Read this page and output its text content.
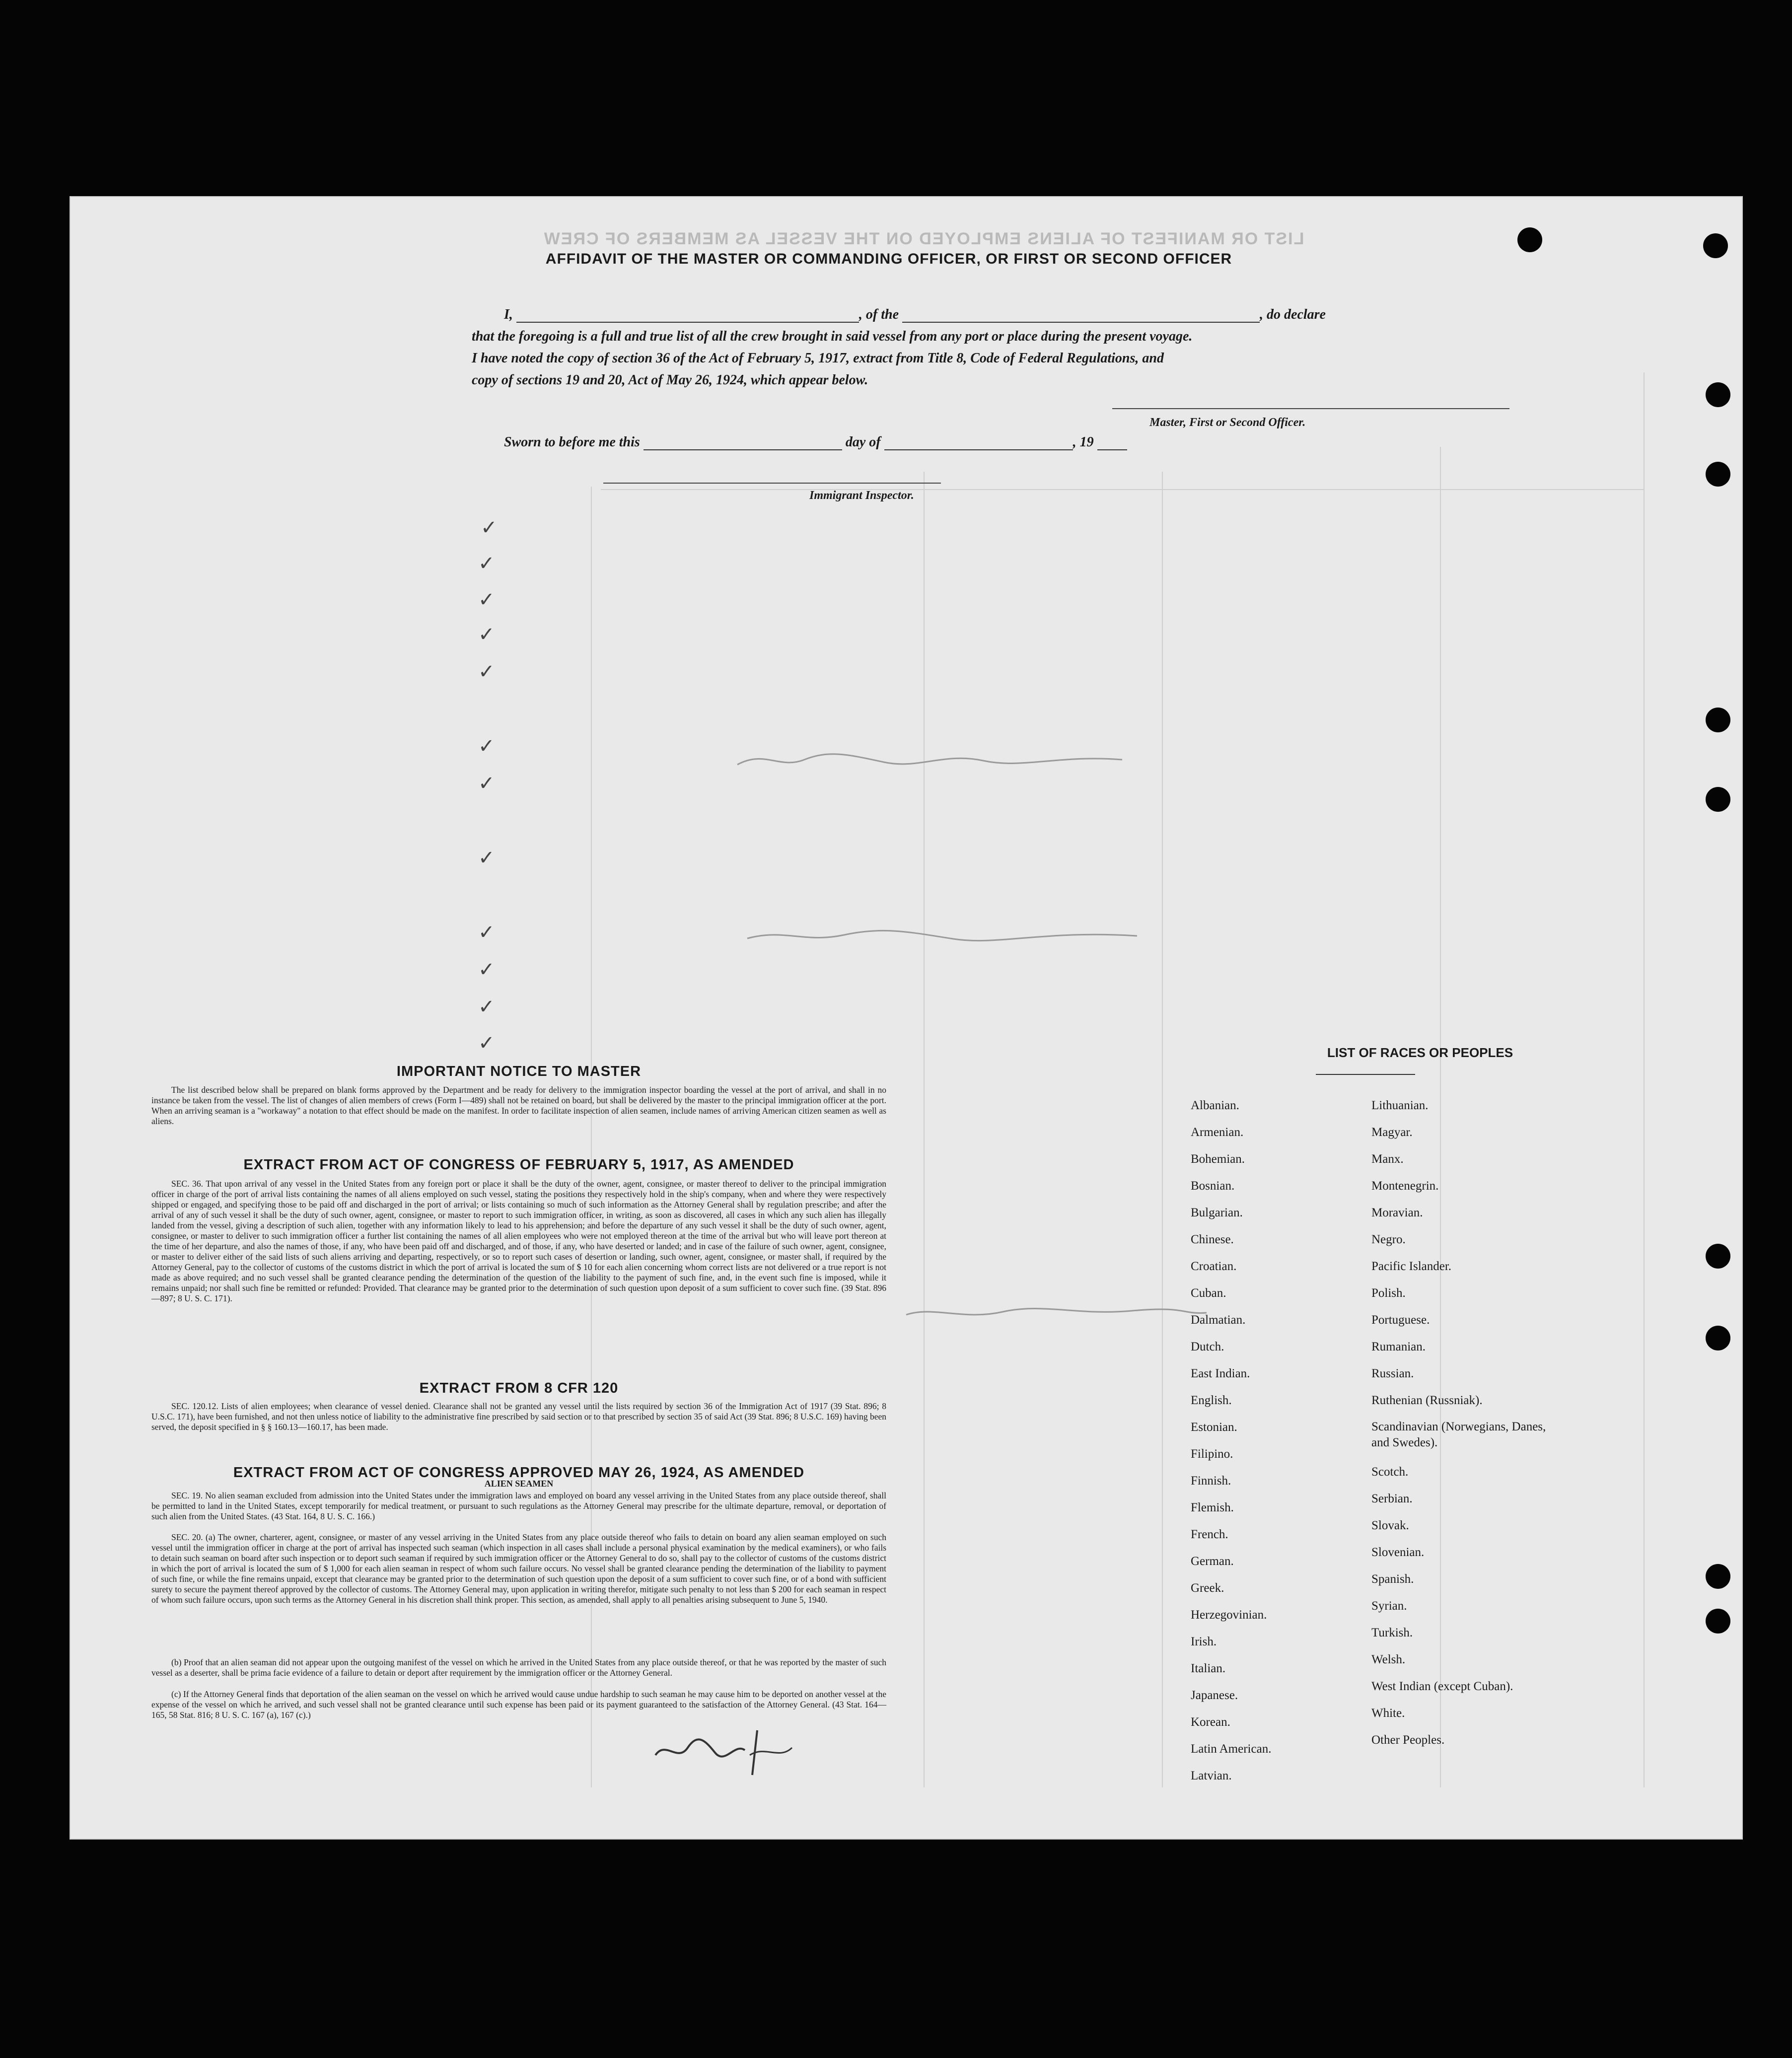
LIST OR MANIFEST OF ALIENS EMPLOYED ON THE VESSEL AS MEMBERS OF CREW
AFFIDAVIT OF THE MASTER OR COMMANDING OFFICER, OR FIRST OR SECOND OFFICER
I,	, of the	, do declare
that the foregoing is a full and true list of all the crew brought in said vessel from any port or place during the present voyage.
I have noted the copy of section 36 of the Act of February 5, 1917, extract from Title 8, Code of Federal Regulations, and
copy of sections 19 and 20, Act of May 26, 1924, which appear below.
Master, First or Second Officer.
Sworn to before me this	day of	, 19
Immigrant Inspector.
✓
✓
✓
✓
✓
✓
✓
✓
✓
✓
✓
✓
IMPORTANT NOTICE TO MASTER
The list described below shall be prepared on blank forms approved by the Department and be ready for delivery to the immigration inspector boarding the vessel at the port of arrival, and shall in no instance be taken from the vessel. The list of changes of alien members of crews (Form I—489) shall not be retained on board, but shall be delivered by the master to the principal immigration officer at the port. When an arriving seaman is a "workaway" a notation to that effect should be made on the manifest. In order to facilitate inspection of alien seamen, include names of arriving American citizen seamen as well as aliens.
EXTRACT FROM ACT OF CONGRESS OF FEBRUARY 5, 1917, AS AMENDED
SEC. 36. That upon arrival of any vessel in the United States from any foreign port or place it shall be the duty of the owner, agent, consignee, or master thereof to deliver to the principal immigration officer in charge of the port of arrival lists containing the names of all aliens employed on such vessel, stating the positions they respectively hold in the ship's company, when and where they were respectively shipped or engaged, and specifying those to be paid off and discharged in the port of arrival; or lists containing so much of such information as the Attorney General shall by regulation prescribe; and after the arrival of any of such vessel it shall be the duty of such owner, agent, consignee, or master to report to such immigration officer, in writing, as soon as discovered, all cases in which any such alien has illegally landed from the vessel, giving a description of such alien, together with any information likely to lead to his apprehension; and before the departure of any such vessel it shall be the duty of such owner, agent, consignee, or master to deliver to such immigration officer a further list containing the names of all alien employees who were not employed thereon at the time of the arrival but who will leave port thereon at the time of her departure, and also the names of those, if any, who have been paid off and discharged, and of those, if any, who have deserted or landed; and in case of the failure of such owner, agent, consignee, or master to deliver either of the said lists of such aliens arriving and departing, respectively, or so to report such cases of desertion or landing, such owner, agent, consignee, or master shall, if required by the Attorney General, pay to the collector of customs of the customs district in which the port of arrival is located the sum of $ 10 for each alien concerning whom correct lists are not delivered or a true report is not made as above required; and no such vessel shall be granted clearance pending the determination of the question of the liability to the payment of such fine, and, in the event such fine is imposed, while it remains unpaid; nor shall such fine be remitted or refunded: Provided. That clearance may be granted prior to the determination of such question upon deposit of a sum sufficient to cover such fine. (39 Stat. 896—897; 8 U. S. C. 171).
EXTRACT FROM 8 CFR 120
SEC. 120.12. Lists of alien employees; when clearance of vessel denied. Clearance shall not be granted any vessel until the lists required by section 36 of the Immigration Act of 1917 (39 Stat. 896; 8 U.S.C. 171), have been furnished, and not then unless notice of liability to the administrative fine prescribed by said section or to that prescribed by section 35 of said Act (39 Stat. 896; 8 U.S.C. 169) having been served, the deposit specified in § § 160.13—160.17, has been made.
EXTRACT FROM ACT OF CONGRESS APPROVED MAY 26, 1924, AS AMENDED
ALIEN SEAMEN
SEC. 19. No alien seaman excluded from admission into the United States under the immigration laws and employed on board any vessel arriving in the United States from any place outside thereof, shall be permitted to land in the United States, except temporarily for medical treatment, or pursuant to such regulations as the Attorney General may prescribe for the ultimate departure, removal, or deportation of such alien from the United States. (43 Stat. 164, 8 U. S. C. 166.)
SEC. 20. (a) The owner, charterer, agent, consignee, or master of any vessel arriving in the United States from any place outside thereof who fails to detain on board any alien seaman employed on such vessel until the immigration officer in charge at the port of arrival has inspected such seaman (which inspection in all cases shall include a personal physical examination by the medical examiners), or who fails to detain such seaman on board after such inspection or to deport such seaman if required by such immigration officer or the Attorney General to do so, shall pay to the collector of customs of the customs district in which the port of arrival is located the sum of $ 1,000 for each alien seaman in respect of whom such failure occurs. No vessel shall be granted clearance pending the determination of the liability to payment of such fine, or while the fine remains unpaid, except that clearance may be granted prior to the determination of such question upon the deposit of a sum sufficient to cover such fine, or of a bond with sufficient surety to secure the payment thereof approved by the collector of customs. The Attorney General may, upon application in writing therefor, mitigate such penalty to not less than $ 200 for each seaman in respect of whom such failure occurs, upon such terms as the Attorney General in his discretion shall think proper. This section, as amended, shall apply to all penalties arising subsequent to June 5, 1940.
(b) Proof that an alien seaman did not appear upon the outgoing manifest of the vessel on which he arrived in the United States from any place outside thereof, or that he was reported by the master of such vessel as a deserter, shall be prima facie evidence of a failure to detain or deport after requirement by the immigration officer or the Attorney General.
(c) If the Attorney General finds that deportation of the alien seaman on the vessel on which he arrived would cause undue hardship to such seaman he may cause him to be deported on another vessel at the expense of the vessel on which he arrived, and such vessel shall not be granted clearance until such expense has been paid or its payment guaranteed to the satisfaction of the Attorney General. (43 Stat. 164—165, 58 Stat. 816; 8 U. S. C. 167 (a), 167 (c).)
LIST OF RACES OR PEOPLES
Albanian.
Armenian.
Bohemian.
Bosnian.
Bulgarian.
Chinese.
Croatian.
Cuban.
Dalmatian.
Dutch.
East Indian.
English.
Estonian.
Filipino.
Finnish.
Flemish.
French.
German.
Greek.
Herzegovinian.
Irish.
Italian.
Japanese.
Korean.
Latin American.
Latvian.
Lithuanian.
Magyar.
Manx.
Montenegrin.
Moravian.
Negro.
Pacific Islander.
Polish.
Portuguese.
Rumanian.
Russian.
Ruthenian (Russniak).
Scandinavian (Norwegians, Danes, and Swedes).
Scotch.
Serbian.
Slovak.
Slovenian.
Spanish.
Syrian.
Turkish.
Welsh.
West Indian (except Cuban).
White.
Other Peoples.
